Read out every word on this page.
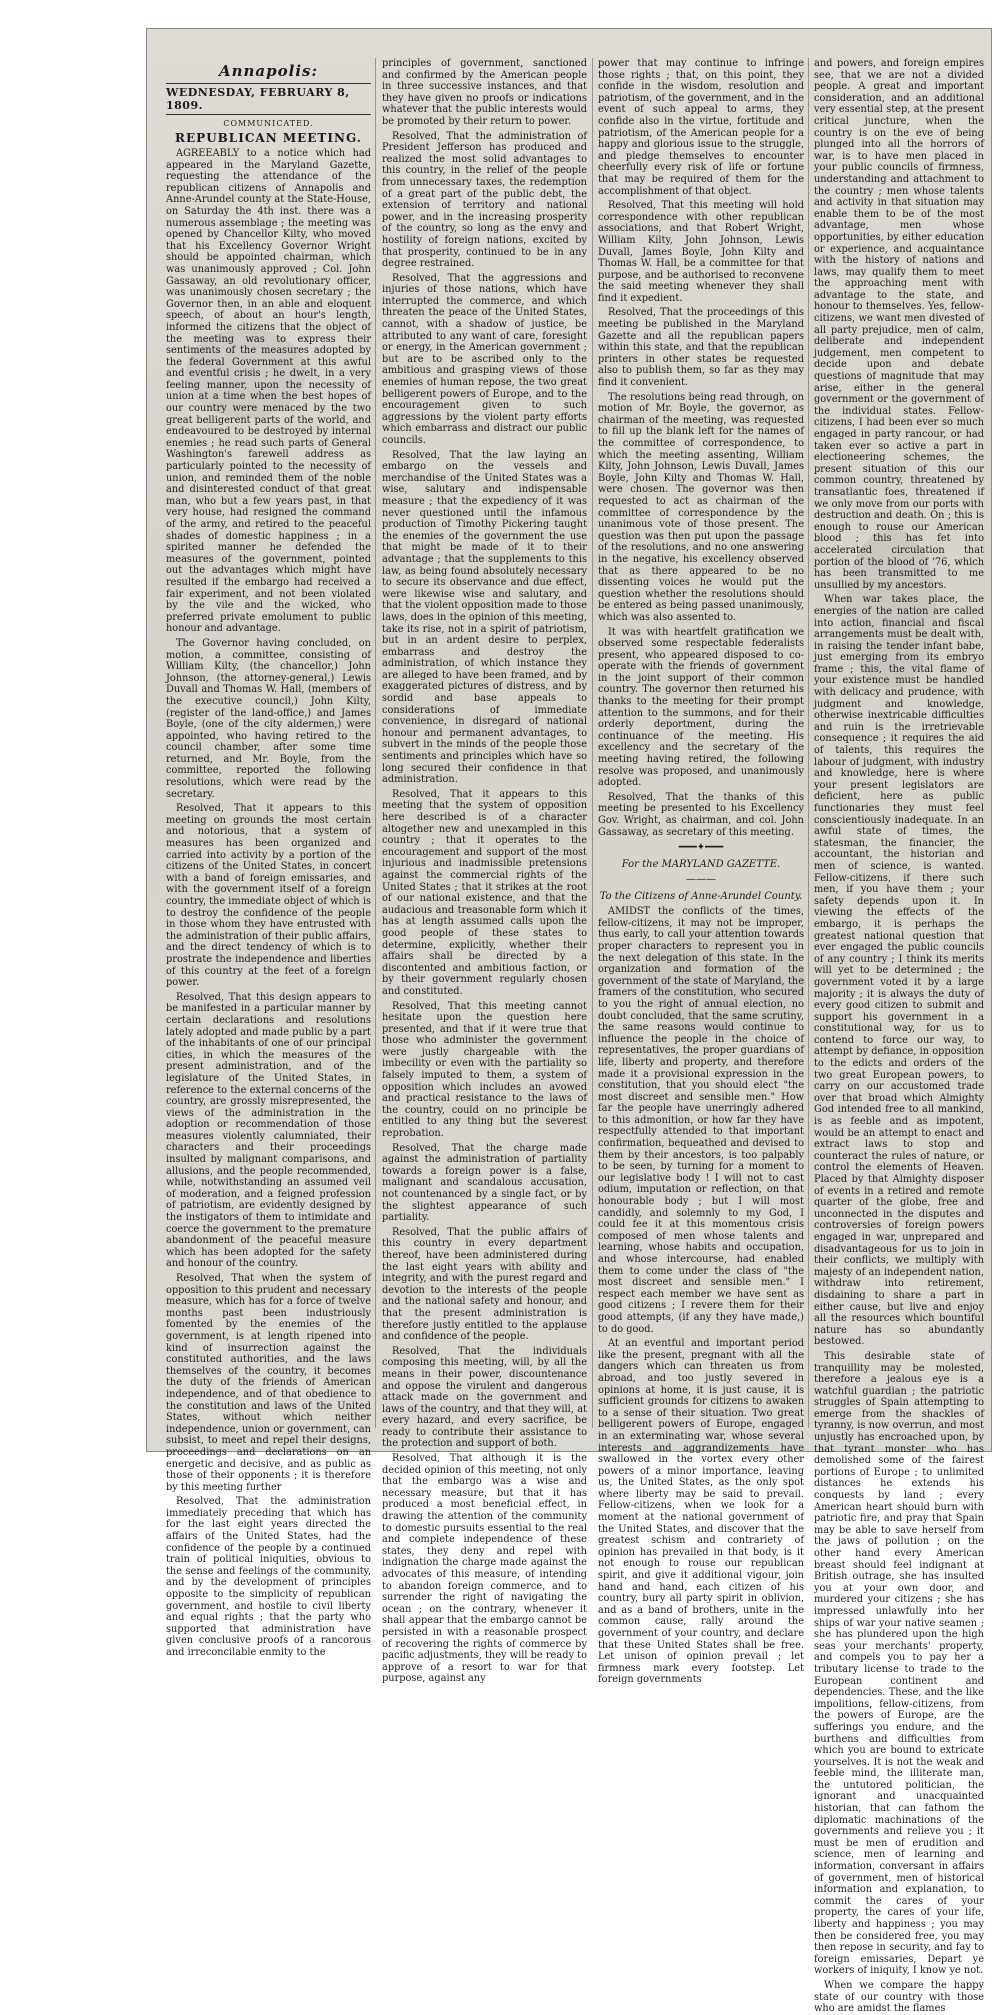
Annapolis:
WEDNESDAY, FEBRUARY 8, 1809.
COMMUNICATED.
REPUBLICAN MEETING.

AGREEABLY to a notice which had appeared in the Maryland Gazette, requesting the attendance of the republican citizens of Annapolis and Anne-Arundel county at the State-House, on Saturday the 4th inst. there was a numerous assemblage ; the meeting was opened by Chancellor Kilty, who moved that his Excellency Governor Wright should be appointed chairman, which was unanimously approved ; Col. John Gassaway, an old revolutionary officer, was unanimously chosen secretary ; the Governor then, in an able and eloquent speech, of about an hour's length, informed the citizens that the object of the meeting was to express their sentiments of the measures adopted by the federal Government at this awful and eventful crisis ; he dwelt, in a very feeling manner, upon the necessity of union at a time when the best hopes of our country were menaced by the two great belligerent parts of the world, and endeavoured to be destroyed by internal enemies ; he read such parts of General Washington's farewell address as particularly pointed to the necessity of union, and reminded them of the noble and disinterested conduct of that great man, who but a few years past, in that very house, had resigned the command of the army, and retired to the peaceful shades of domestic happiness ; in a spirited manner he defended the measures of the government, pointed out the advantages which might have resulted if the embargo had received a fair experiment, and not been violated by the vile and the wicked, who preferred private emolument to public honour and advantage.

The Governor having concluded, on motion, a committee, consisting of William Kilty, (the chancellor,) John Johnson, (the attorney-general,) Lewis Duvall and Thomas W. Hall, (members of the executive council,) John Kilty, (register of the land-office,) and James Boyle, (one of the city aldermen,) were appointed, who having retired to the council chamber, after some time returned, and Mr. Boyle, from the committee, reported the following resolutions, which were read by the secretary.

Resolved, That it appears to this meeting on grounds the most certain and notorious, that a system of measures has been organized and carried into activity by a portion of the citizens of the United States, in concert with a band of foreign emissaries, and with the government itself of a foreign country, the immediate object of which is to destroy the confidence of the people in those whom they have entrusted with the administration of their public affairs, and the direct tendency of which is to prostrate the independence and liberties of this country at the feet of a foreign power.

Resolved, That this design appears to be manifested in a particular manner by certain declarations and resolutions lately adopted and made public by a part of the inhabitants of one of our principal cities, in which the measures of the present administration, and of the legislature of the United States, in reference to the external concerns of the country, are grossly misrepresented, the views of the administration in the adoption or recommendation of those measures violently calumniated, their characters and their proceedings insulted by malignant comparisons, and allusions, and the people recommended, while, notwithstanding an assumed veil of moderation, and a feigned profession of patriotism, are evidently designed by the instigators of them to intimidate and coerce the government to the premature abandonment of the peaceful measure which has been adopted for the safety and honour of the country.

Resolved, That when the system of opposition to this prudent and necessary measure, which has for a force of twelve months past been industriously fomented by the enemies of the government, is at length ripened into kind of insurrection against the constituted authorities, and the laws themselves of the country, it becomes the duty of the friends of American independence, and of that obedience to the constitution and laws of the United States, without which neither independence, union or government, can subsist, to meet and repel their designs, proceedings and declarations on an energetic and decisive, and as public as those of their opponents ; it is therefore by this meeting further

Resolved, That the administration immediately preceding that which has for the last eight years directed the affairs of the United States, had the confidence of the people by a continued train of political iniquities, obvious to the sense and feelings of the community, and by the development of principles opposite to the simplicity of republican government, and hostile to civil liberty and equal rights ; that the party who supported that administration have given conclusive proofs of a rancorous and irreconcilable enmity to the

principles of government, sanctioned and confirmed by the American people in three successive instances, and that they have given no proofs or indications whatever that the public interests would be promoted by their return to power.

Resolved, That the administration of President Jefferson has produced and realized the most solid advantages to this country, in the relief of the people from unnecessary taxes, the redemption of a great part of the public debt, the extension of territory and national power, and in the increasing prosperity of the country, so long as the envy and hostility of foreign nations, excited by that prosperity, continued to be in any degree restrained.

Resolved, That the aggressions and injuries of those nations, which have interrupted the commerce, and which threaten the peace of the United States, cannot, with a shadow of justice, be attributed to any want of care, foresight or energy, in the American government ; but are to be ascribed only to the ambitious and grasping views of those enemies of human repose, the two great belligerent powers of Europe, and to the encouragement given to such aggressions by the violent party efforts which embarrass and distract our public councils.

Resolved, That the law laying an embargo on the vessels and merchandise of the United States was a wise, salutary and indispensable measure ; that the expediency of it was never questioned until the infamous production of Timothy Pickering taught the enemies of the government the use that might be made of it to their advantage ; that the supplements to this law, as being found absolutely necessary to secure its observance and due effect, were likewise wise and salutary, and that the violent opposition made to those laws, does in the opinion of this meeting, take its rise, not in a spirit of patriotism, but in an ardent desire to perplex, embarrass and destroy the administration, of which instance they are alleged to have been framed, and by exaggerated pictures of distress, and by sordid and base appeals to considerations of immediate convenience, in disregard of national honour and permanent advantages, to subvert in the minds of the people those sentiments and principles which have so long secured their confidence in that administration.

Resolved, That it appears to this meeting that the system of opposition here described is of a character altogether new and unexampled in this country ; that it operates to the encouragement and support of the most injurious and inadmissible pretensions against the commercial rights of the United States ; that it strikes at the root of our national existence, and that the audacious and treasonable form which it has at length assumed calls upon the good people of these states to determine, explicitly, whether their affairs shall be directed by a discontented and ambitious faction, or by their government regularly chosen and constituted.

Resolved, That this meeting cannot hesitate upon the question here presented, and that if it were true that those who administer the government were justly chargeable with the imbecility or even with the partiality so falsely imputed to them, a system of opposition which includes an avowed and practical resistance to the laws of the country, could on no principle be entitled to any thing but the severest reprobation.

Resolved, That the charge made against the administration of partiality towards a foreign power is a false, malignant and scandalous accusation, not countenanced by a single fact, or by the slightest appearance of such partiality.

Resolved, That the public affairs of this country in every department thereof, have been administered during the last eight years with ability and integrity, and with the purest regard and devotion to the interests of the people and the national safety and honour, and that the present administration is therefore justly entitled to the applause and confidence of the people.

Resolved, That the individuals composing this meeting, will, by all the means in their power, discountenance and oppose the virulent and dangerous attack made on the government and laws of the country, and that they will, at every hazard, and every sacrifice, be ready to contribute their assistance to the protection and support of both.

Resolved, That although it is the decided opinion of this meeting, not only that the embargo was a wise and necessary measure, but that it has produced a most beneficial effect, in drawing the attention of the community to domestic pursuits essential to the real and complete independence of these states, they deny and repel with indignation the charge made against the advocates of this measure, of intending to abandon foreign commerce, and to surrender the right of navigating the ocean ; on the contrary, whenever it shall appear that the embargo cannot be persisted in with a reasonable prospect of recovering the rights of commerce by pacific adjustments, they will be ready to approve of a resort to war for that purpose, against any

power that may continue to infringe those rights ; that, on this point, they confide in the wisdom, resolution and patriotism, of the government, and in the event of such appeal to arms, they confide also in the virtue, fortitude and patriotism, of the American people for a happy and glorious issue to the struggle, and pledge themselves to encounter cheerfully every risk of life or fortune that may be required of them for the accomplishment of that object.

Resolved, That this meeting will hold correspondence with other republican associations, and that Robert Wright, William Kilty, John Johnson, Lewis Duvall, James Boyle, John Kilty and Thomas W. Hall, be a committee for that purpose, and be authorised to reconvene the said meeting whenever they shall find it expedient.

Resolved, That the proceedings of this meeting be published in the Maryland Gazette and all the republican papers within this state, and that the republican printers in other states be requested also to publish them, so far as they may find it convenient.

The resolutions being read through, on motion of Mr. Boyle, the governor, as chairman of the meeting, was requested to fill up the blank left for the names of the committee of correspondence, to which the meeting assenting, William Kilty, John Johnson, Lewis Duvall, James Boyle, John Kilty and Thomas W. Hall, were chosen. The governor was then requested to act as chairman of the committee of correspondence by the unanimous vote of those present. The question was then put upon the passage of the resolutions, and no one answering in the negative, his excellency observed that as there appeared to be no dissenting voices he would put the question whether the resolutions should be entered as being passed unanimously, which was also assented to.

It was with heartfelt gratification we observed some respectable federalists present, who appeared disposed to co-operate with the friends of government in the joint support of their common country. The governor then returned his thanks to the meeting for their prompt attention to the summons, and for their orderly deportment, during the continuance of the meeting. His excellency and the secretary of the meeting having retired, the following resolve was proposed, and unanimously adopted.

Resolved, That the thanks of this meeting be presented to his Excellency Gov. Wright, as chairman, and col. John Gassaway, as secretary of this meeting.

━━━✦━━━
For the MARYLAND GAZETTE.
———
To the Citizens of Anne-Arundel County.

AMIDST the conflicts of the times, fellow-citizens, it may not be improper, thus early, to call your attention towards proper characters to represent you in the next delegation of this state. In the organization and formation of the government of the state of Maryland, the framers of the constitution, who secured to you the right of annual election, no doubt concluded, that the same scrutiny, the same reasons would continue to influence the people in the choice of representatives, the proper guardians of life, liberty and property, and therefore made it a provisional expression in the constitution, that you should elect "the most discreet and sensible men." How far the people have unerringly adhered to this admonition, or how far they have respectfully attended to that important confirmation, bequeathed and devised to them by their ancestors, is too palpably to be seen, by turning for a moment to our legislative body ! I will not to cast odium, imputation or reflection, on that honourable body ; but I will most candidly, and solemnly to my God, I could fee it at this momentous crisis composed of men whose talents and learning, whose habits and occupation, and whose intercourse, had enabled them to come under the class of "the most discreet and sensible men." I respect each member we have sent as good citizens ; I revere them for their good attempts, (if any they have made,) to do good.

At an eventful and important period like the present, pregnant with all the dangers which can threaten us from abroad, and too justly severed in opinions at home, it is just cause, it is sufficient grounds for citizens to awaken to a sense of their situation. Two great belligerent powers of Europe, engaged in an exterminating war, whose several interests and aggrandizements have swallowed in the vortex every other powers of a minor importance, leaving us, the United States, as the only spot where liberty may be said to prevail. Fellow-citizens, when we look for a moment at the national government of the United States, and discover that the greatest schism and contrariety of opinion has prevailed in that body, is it not enough to rouse our republican spirit, and give it additional vigour, join hand and hand, each citizen of his country, bury all party spirit in oblivion, and as a band of brothers, unite in the common cause, rally around the government of your country, and declare that these United States shall be free. Let unison of opinion prevail ; let firmness mark every footstep. Let foreign governments

and powers, and foreign empires see, that we are not a divided people. A great and important consideration, and an additional very essential step, at the present critical juncture, when the country is on the eve of being plunged into all the horrors of war, is to have men placed in your public councils of firmness, understanding and attachment to the country ; men whose talents and activity in that situation may enable them to be of the most advantage, men whose opportunities, by either education or experience, and acquaintance with the history of nations and laws, may qualify them to meet the approaching ment with advantage to the state, and honour to themselves. Yes, fellow-citizens, we want men divested of all party prejudice, men of calm, deliberate and independent judgement, men competent to decide upon and debate questions of magnitude that may arise, either in the general government or the government of the individual states. Fellow-citizens, I had been ever so much engaged in party rancour, or had taken ever so active a part in electioneering schemes, the present situation of this our common country, threatened by transatlantic foes, threatened if we only move from our ports with destruction and death. On ; this is enough to rouse our American blood ; this has fet into accelerated circulation that portion of the blood of '76, which has been transmitted to me unsullied by my ancestors.

When war takes place, the energies of the nation are called into action, financial and fiscal arrangements must be dealt with, in raising the tender infant babe, just emerging from its embryo frame ; this, the vital flame of your existence must be handled with delicacy and prudence, with judgment and knowledge, otherwise inextricable difficulties and ruin is the irretrievable consequence ; it requires the aid of talents, this requires the labour of judgment, with industry and knowledge, here is where your present legislators are deficient, here as public functionaries they must feel conscientiously inadequate. In an awful state of times, the statesman, the financier, the accountant, the historian and men of science, is wanted. Fellow-citizens, if there such men, if you have them ; your safety depends upon it. In viewing the effects of the embargo, it is perhaps the greatest national question that ever engaged the public councils of any country ; I think its merits will yet to be determined ; the government voted it by a large majority ; it is always the duty of every good citizen to submit and support his government in a constitutional way, for us to contend to force our way, to attempt by defiance, in opposition to the edicts and orders of the two great European powers, to carry on our accustomed trade over that broad which Almighty God intended free to all mankind, is as feeble and as impotent, would be an attempt to enact and extract laws to stop and counteract the rules of nature, or control the elements of Heaven. Placed by that Almighty disposer of events in a retired and remote quarter of the globe, free and unconnected in the disputes and controversies of foreign powers engaged in war, unprepared and disadvantageous for us to join in their conflicts, we multiply with majesty of an independent nation, withdraw into retirement, disdaining to share a part in either cause, but live and enjoy all the resources which bountiful nature has so abundantly bestowed.

This desirable state of tranquillity may be molested, therefore a jealous eye is a watchful guardian ; the patriotic struggles of Spain attempting to emerge from the shackles of tyranny, is now overrun, and most unjustly has encroached upon, by that tyrant monster who has demolished some of the fairest portions of Europe ; to unlimited distances he extends his conquests by land ; every American heart should burn with patriotic fire, and pray that Spain may be able to save herself from the jaws of pollution ; on the other hand every American breast should feel indignant at British outrage, she has insulted you at your own door, and murdered your citizens ; she has impressed unlawfully into her ships of war your native seamen ; she has plundered upon the high seas your merchants' property, and compels you to pay her a tributary license to trade to the European continent and dependencies. These, and the like impolitions, fellow-citizens, from the powers of Europe, are the sufferings you endure, and the burthens and difficulties from which you are bound to extricate yourselves. It is not the weak and feeble mind, the illiterate man, the untutored politician, the ignorant and unacquainted historian, that can fathom the diplomatic machinations of the governments and relieve you ; it must be men of erudition and science, men of learning and information, conversant in affairs of government, men of historical information and explanation, to commit the cares of your property, the cares of your life, liberty and happiness ; you may then be considered free, you may then repose in security, and fay to foreign emissaries, Depart ye workers of iniquity, I know ye not.

When we compare the happy state of our country with those who are amidst the flames
